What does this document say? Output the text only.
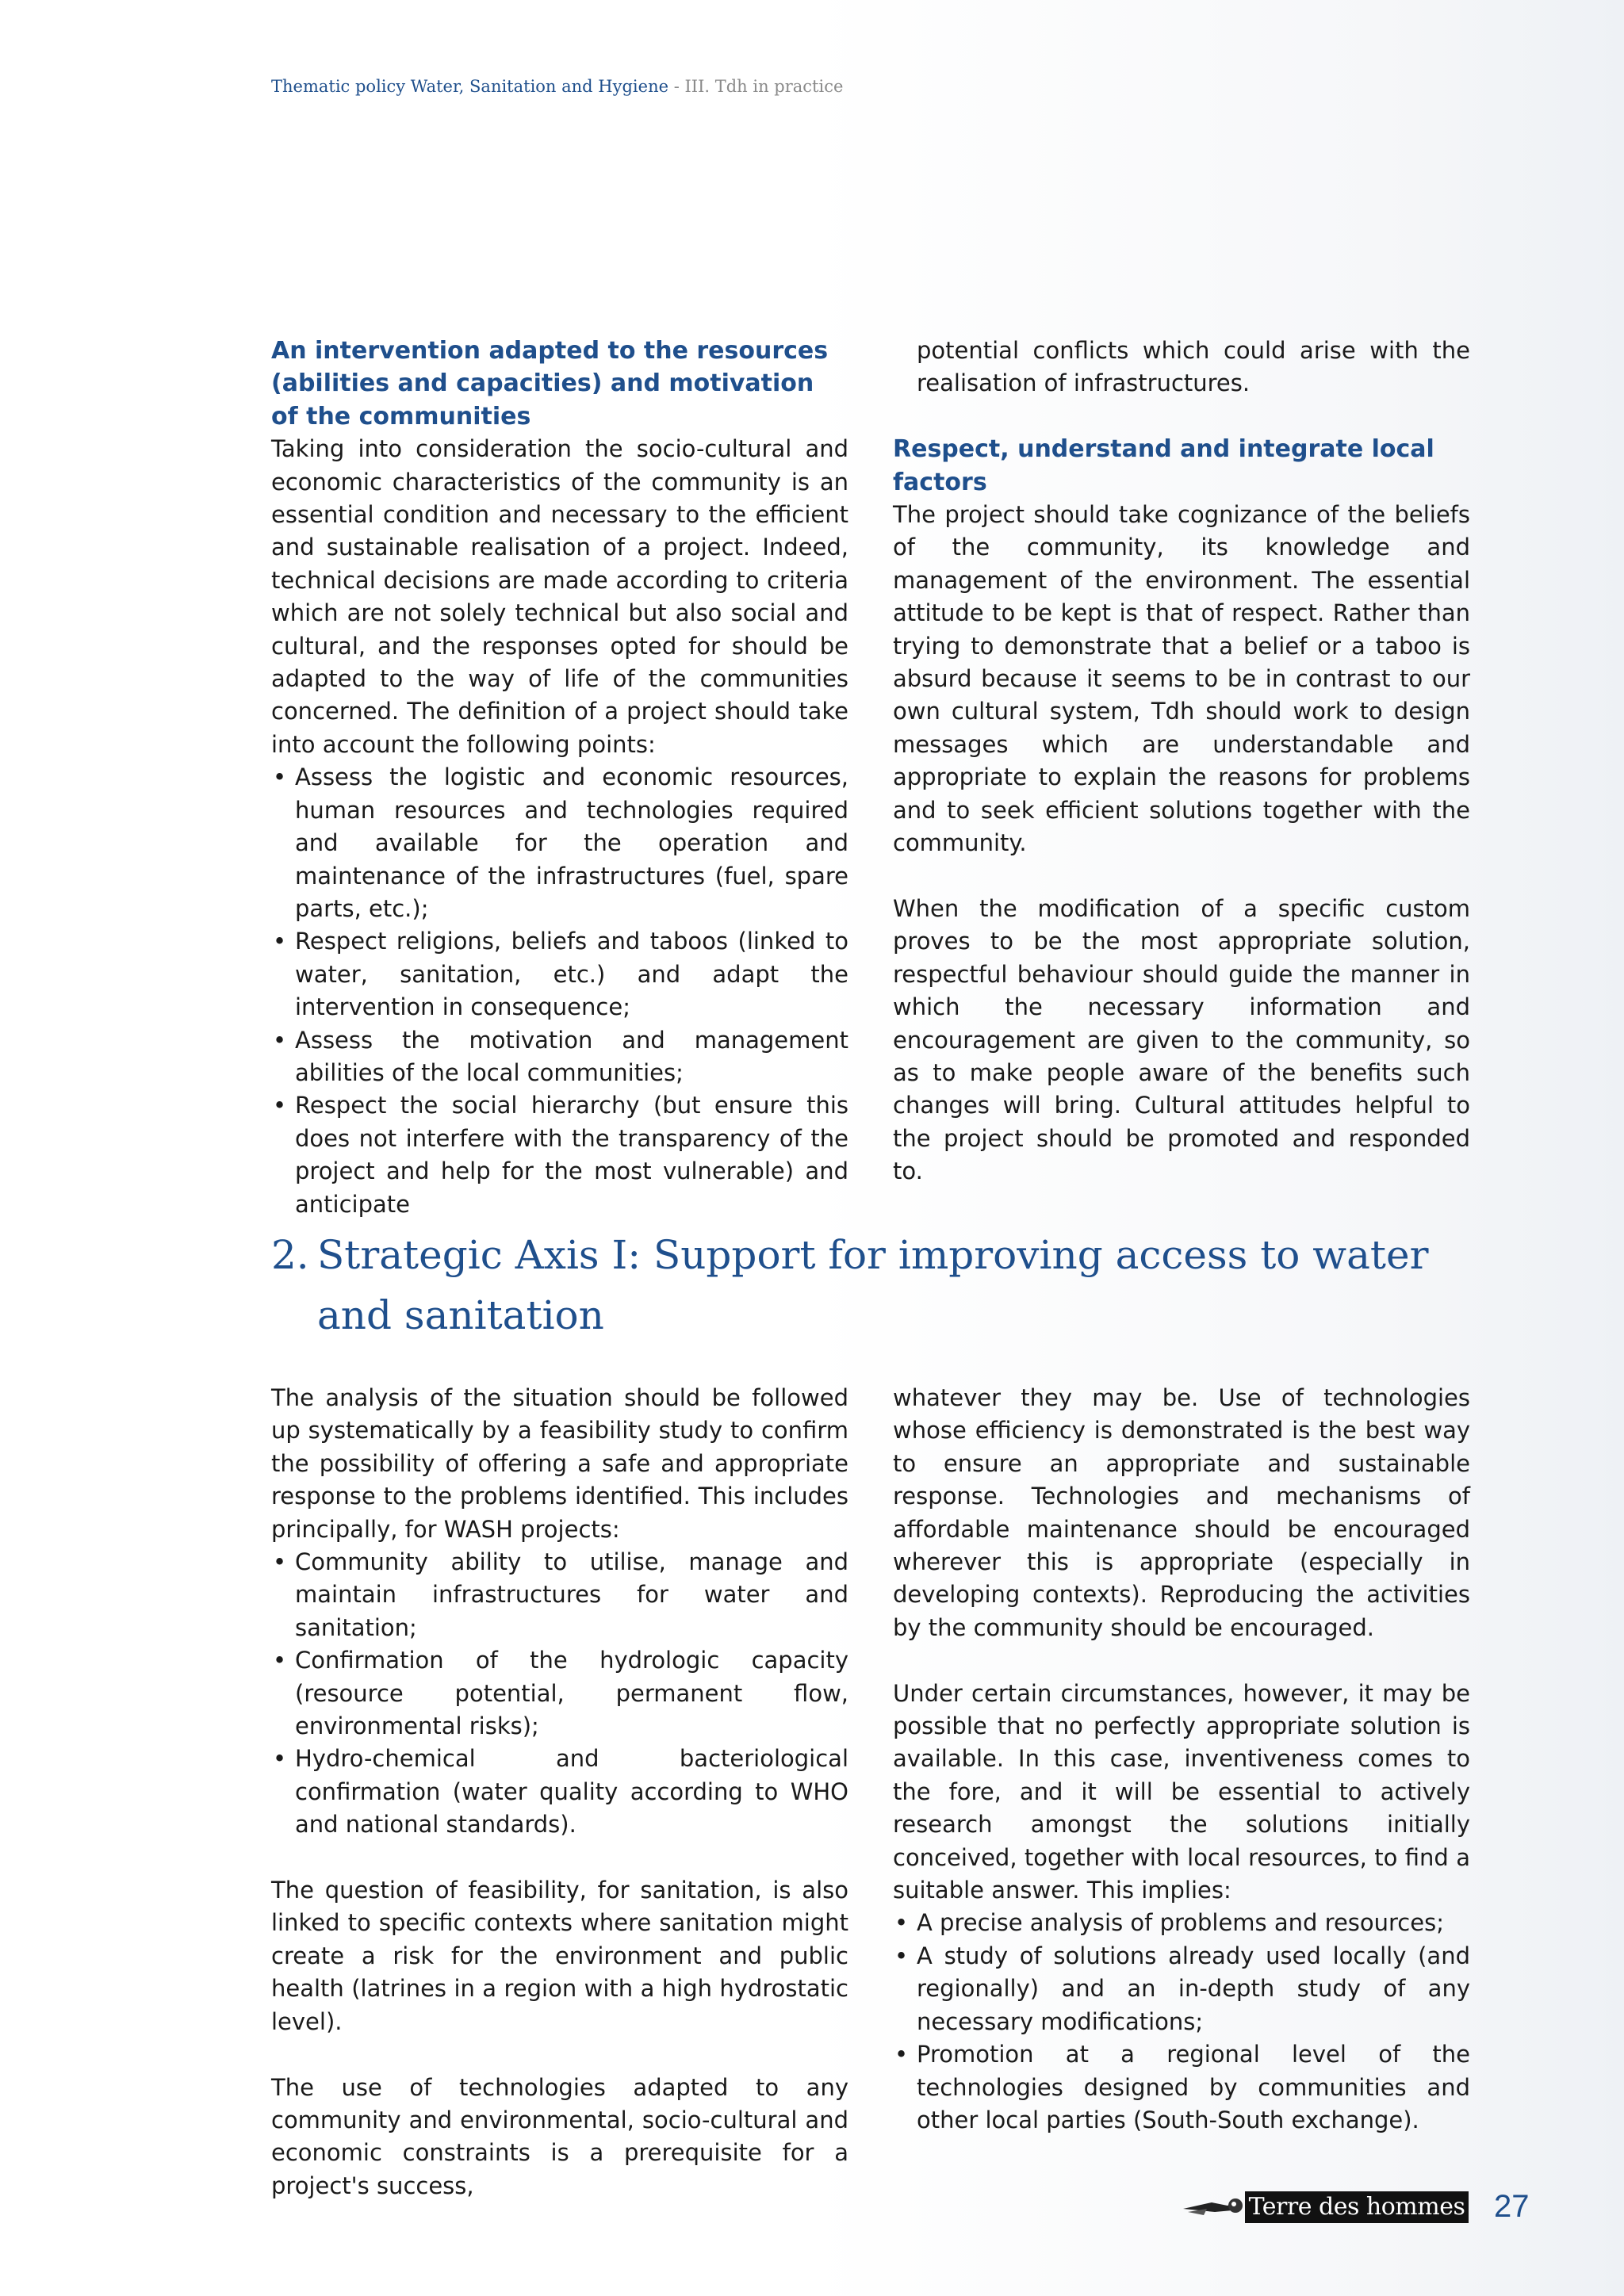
Thematic policy Water, Sanitation and Hygiene - III. Tdh in practice
An intervention adapted to the resources (abilities and capacities) and motivation of the communities

Taking into consideration the socio-cultural and economic characteristics of the community is an essential condition and necessary to the efficient and sustainable realisation of a project. Indeed, technical decisions are made according to criteria which are not solely technical but also social and cultural, and the responses opted for should be adapted to the way of life of the communities concerned. The definition of a project should take into account the following points:

• Assess the logistic and economic resources, human resources and technologies required and available for the operation and maintenance of the infrastructures (fuel, spare parts, etc.);
• Respect religions, beliefs and taboos (linked to water, sanitation, etc.) and adapt the intervention in consequence;
• Assess the motivation and management abilities of the local communities;
• Respect the social hierarchy (but ensure this does not interfere with the transparency of the project and help for the most vulnerable) and anticipate
potential conflicts which could arise with the realisation of infrastructures.
Respect, understand and integrate local factors

The project should take cognizance of the beliefs of the community, its knowledge and management of the environment. The essential attitude to be kept is that of respect. Rather than trying to demonstrate that a belief or a taboo is absurd because it seems to be in contrast to our own cultural system, Tdh should work to design messages which are understandable and appropriate to explain the reasons for problems and to seek efficient solutions together with the community.

When the modification of a specific custom proves to be the most appropriate solution, respectful behaviour should guide the manner in which the necessary information and encouragement are given to the community, so as to make people aware of the benefits such changes will bring. Cultural attitudes helpful to the project should be promoted and responded to.

2. Strategic Axis I: Support for improving access to water
and sanitation

The analysis of the situation should be followed up systematically by a feasibility study to confirm the possibility of offering a safe and appropriate response to the problems identified. This includes principally, for WASH projects:

• Community ability to utilise, manage and maintain infrastructures for water and sanitation;
• Confirmation of the hydrologic capacity (resource potential, permanent flow, environmental risks);
• Hydro-chemical and bacteriological confirmation (water quality according to WHO and national standards).

The question of feasibility, for sanitation, is also linked to specific contexts where sanitation might create a risk for the environment and public health (latrines in a region with a high hydrostatic level).

The use of technologies adapted to any community and environmental, socio-cultural and economic constraints is a prerequisite for a project's success,

whatever they may be. Use of technologies whose efficiency is demonstrated is the best way to ensure an appropriate and sustainable response. Technologies and mechanisms of affordable maintenance should be encouraged wherever this is appropriate (especially in developing contexts). Reproducing the activities by the community should be encouraged.

Under certain circumstances, however, it may be possible that no perfectly appropriate solution is available. In this case, inventiveness comes to the fore, and it will be essential to actively research amongst the solutions initially conceived, together with local resources, to find a suitable answer. This implies:

• A precise analysis of problems and resources;
• A study of solutions already used locally (and regionally) and an in-depth study of any necessary modifications;
• Promotion at a regional level of the technologies designed by communities and other local parties (South-South exchange).
Terre des hommes 27
